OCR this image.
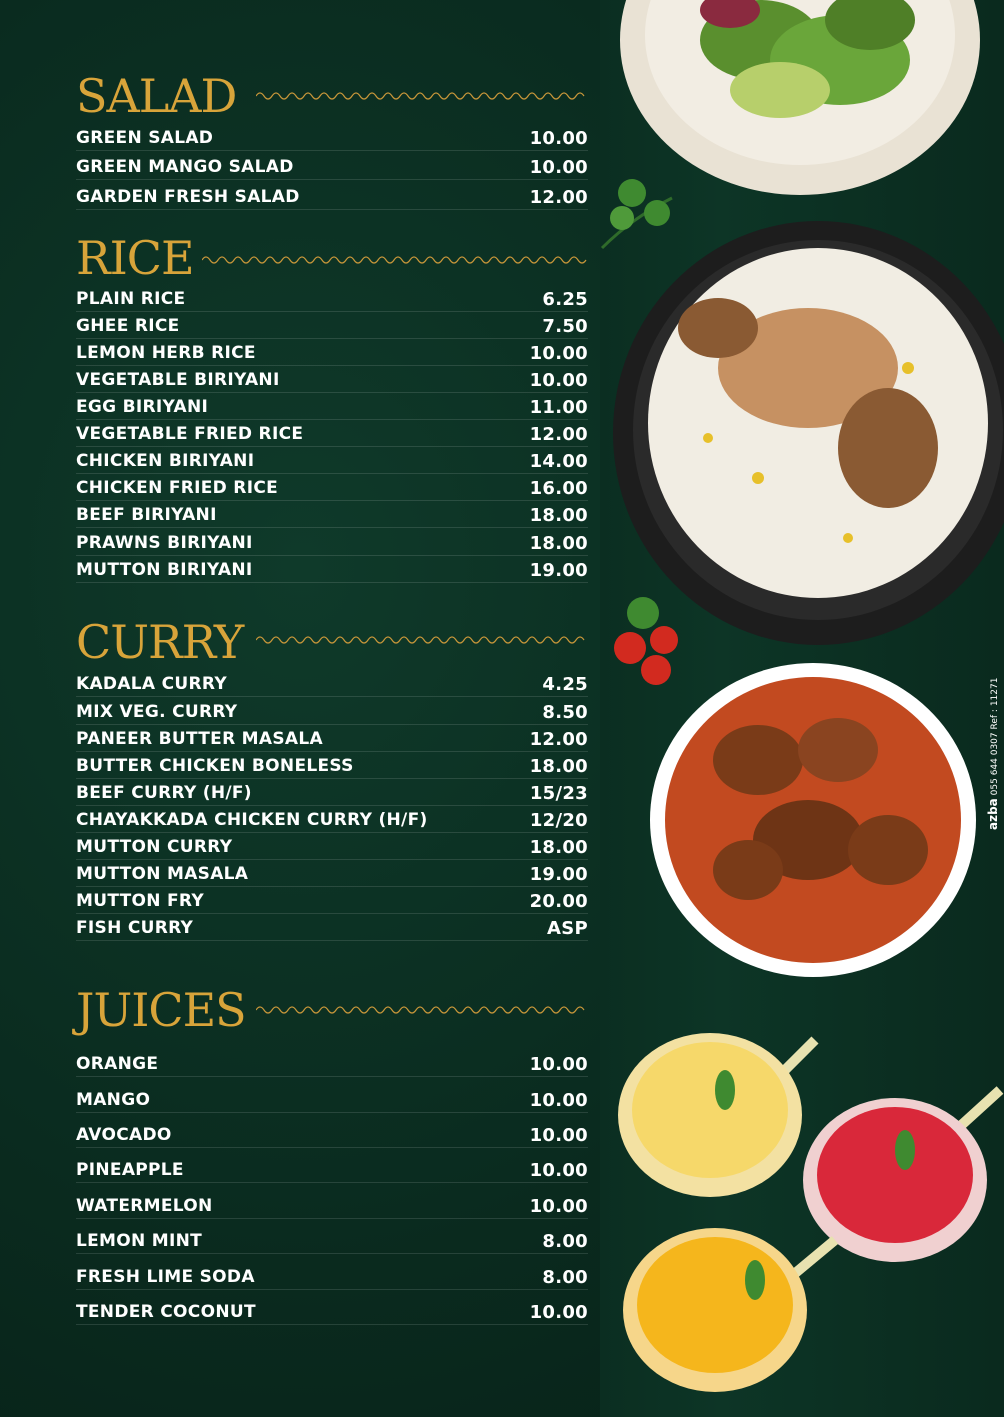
SALAD
GREEN SALAD	10.00
GREEN MANGO SALAD	10.00
GARDEN FRESH SALAD	12.00
RICE
PLAIN RICE	6.25
GHEE RICE	7.50
LEMON HERB RICE	10.00
VEGETABLE BIRIYANI	10.00
EGG BIRIYANI	11.00
VEGETABLE FRIED RICE	12.00
CHICKEN BIRIYANI	14.00
CHICKEN FRIED RICE	16.00
BEEF BIRIYANI	18.00
PRAWNS BIRIYANI	18.00
MUTTON BIRIYANI	19.00
CURRY
KADALA CURRY	4.25
MIX VEG. CURRY	8.50
PANEER BUTTER MASALA	12.00
BUTTER CHICKEN BONELESS	18.00
BEEF CURRY (H/F)	15/23
CHAYAKKADA CHICKEN CURRY (H/F)	12/20
MUTTON CURRY	18.00
MUTTON MASALA	19.00
MUTTON FRY	20.00
FISH CURRY	ASP
JUICES
ORANGE	10.00
MANGO	10.00
AVOCADO	10.00
PINEAPPLE	10.00
WATERMELON	10.00
LEMON MINT	8.00
FRESH LIME SODA	8.00
TENDER COCONUT	10.00
azba 055 644 0307 Ref : 11271
